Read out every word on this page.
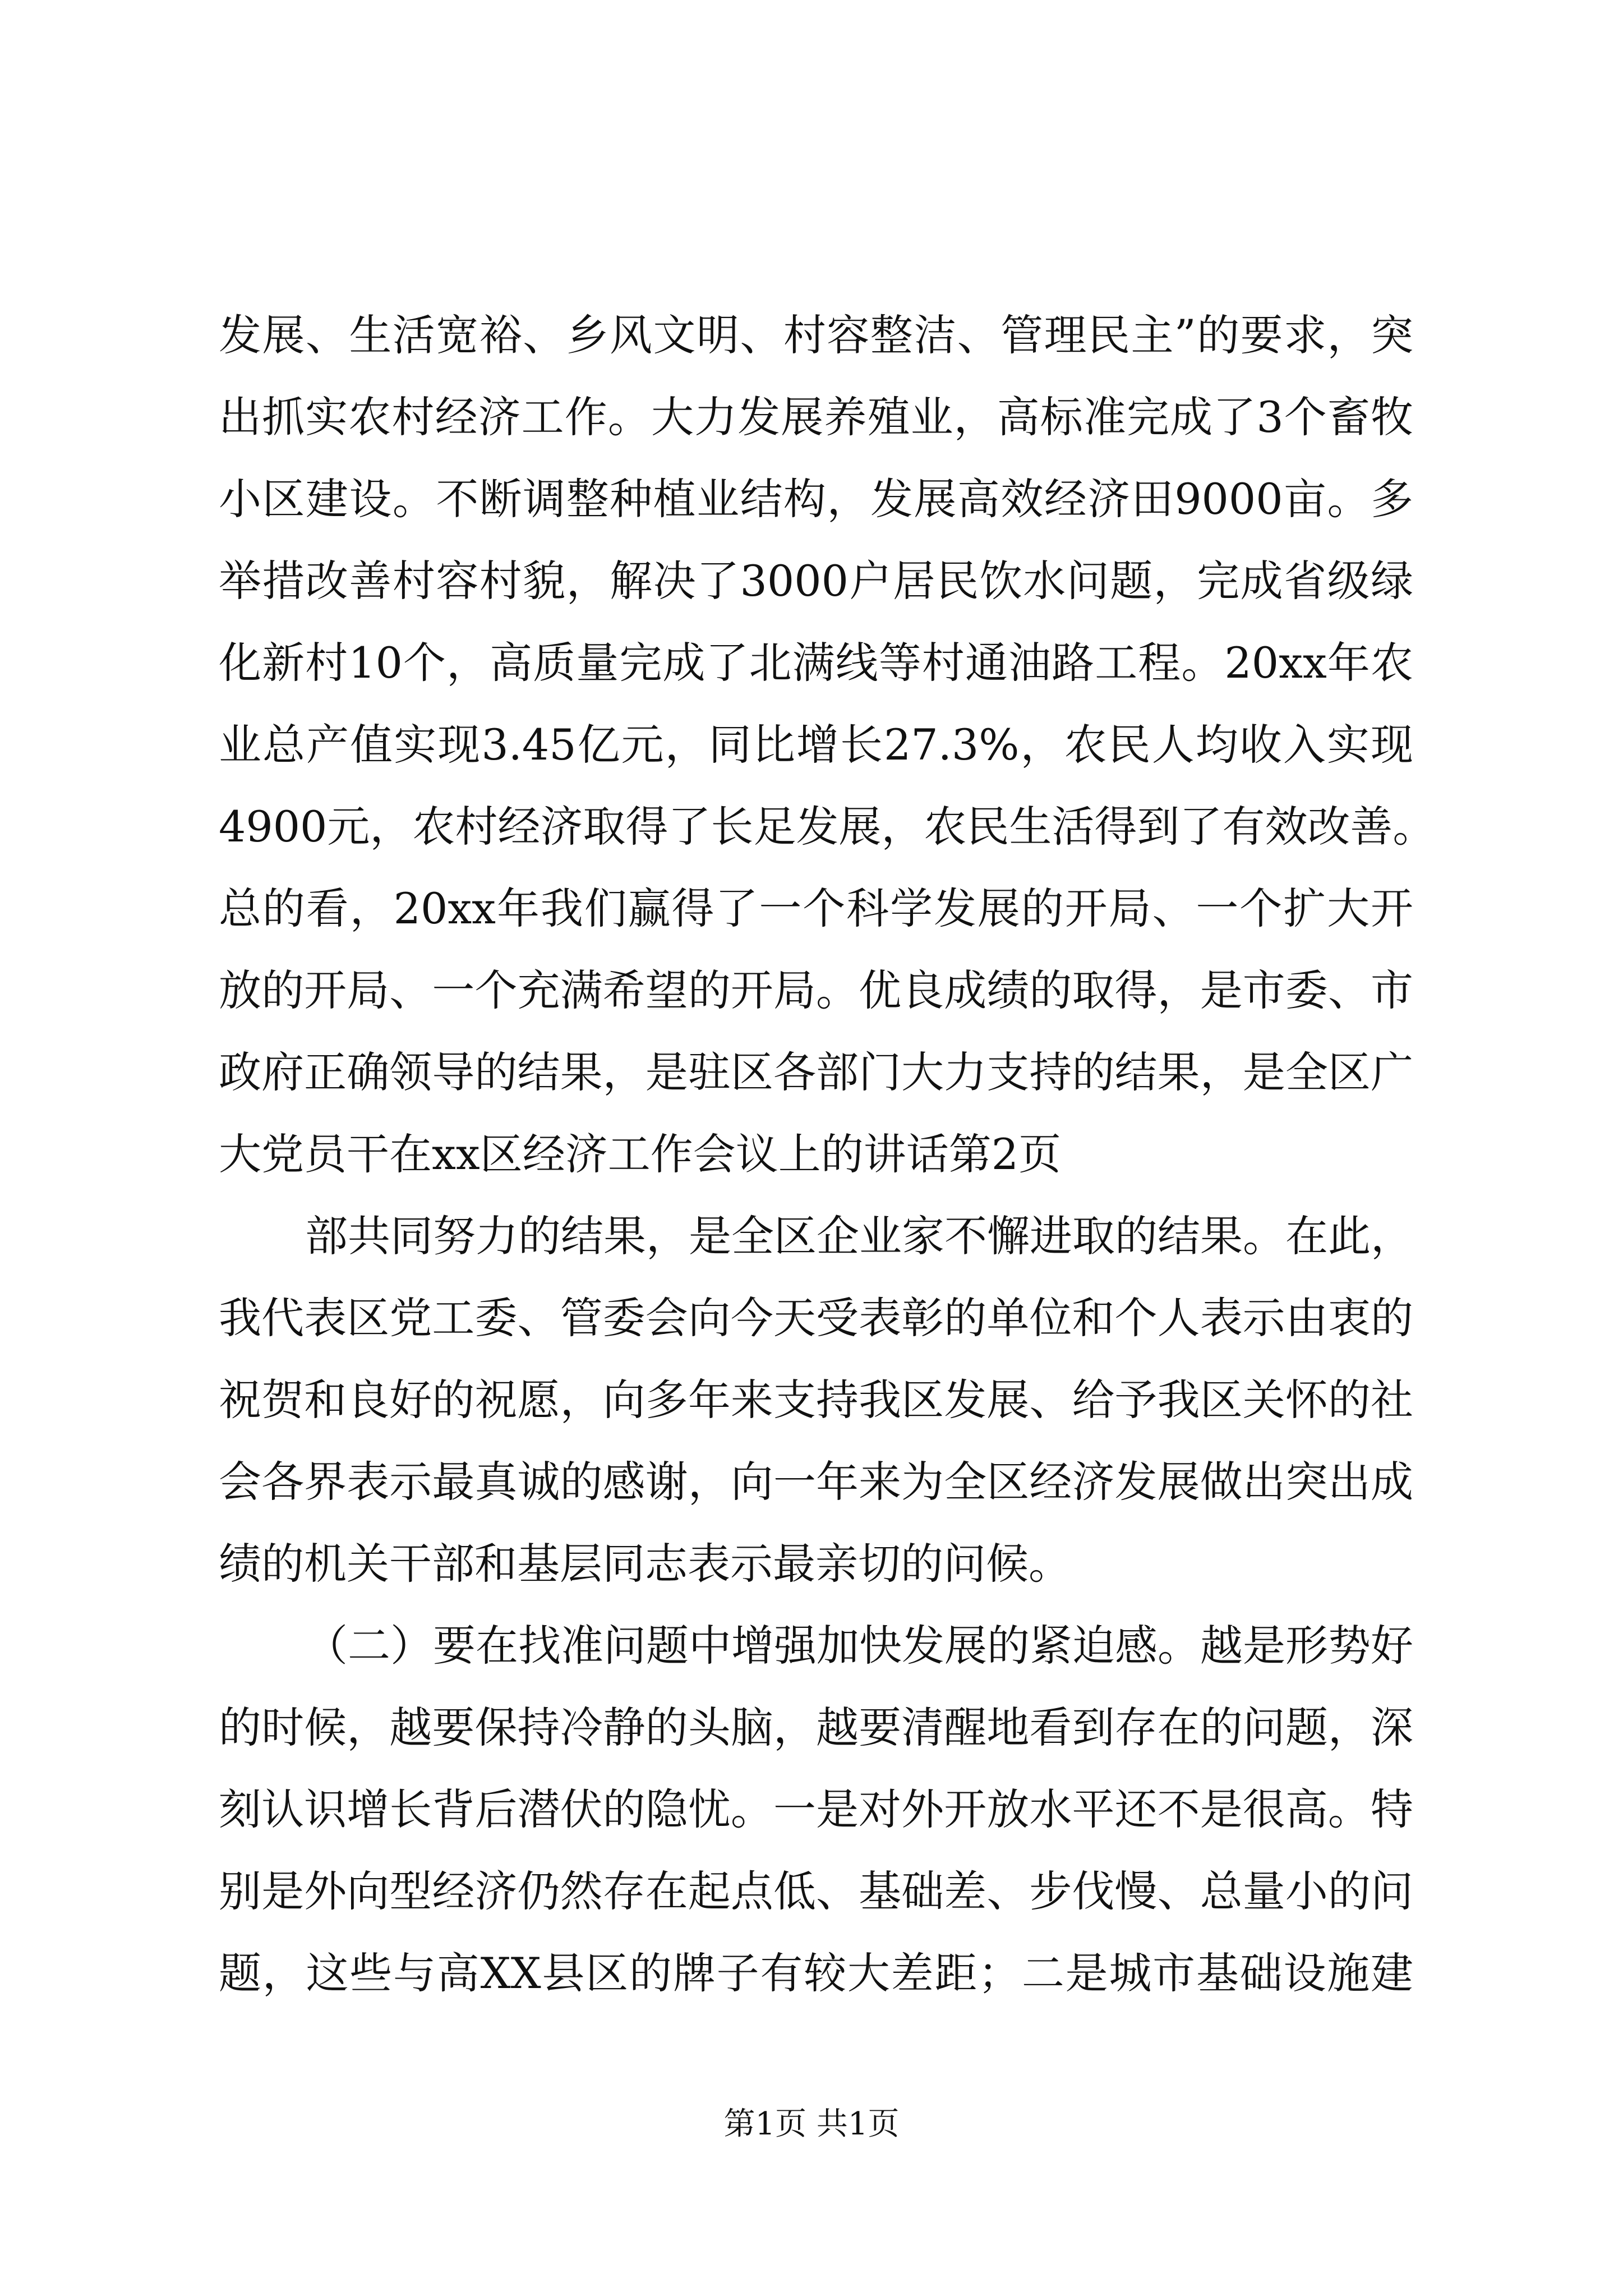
发展、生活宽裕、乡风文明、村容整洁、管理民主”的要求，突
出抓实农村经济工作。大力发展养殖业，高标准完成了3个畜牧
小区建设。不断调整种植业结构，发展高效经济田9000亩。多
举措改善村容村貌，解决了3000户居民饮水问题，完成省级绿
化新村10个，高质量完成了北满线等村通油路工程。20xx年农
业总产值实现3.45亿元，同比增长27.3%，农民人均收入实现
4900元，农村经济取得了长足发展，农民生活得到了有效改善。
总的看，20xx年我们赢得了一个科学发展的开局、一个扩大开
放的开局、一个充满希望的开局。优良成绩的取得，是市委、市
政府正确领导的结果，是驻区各部门大力支持的结果，是全区广
大党员干在xx区经济工作会议上的讲话第2页
部共同努力的结果，是全区企业家不懈进取的结果。在此，
我代表区党工委、管委会向今天受表彰的单位和个人表示由衷的
祝贺和良好的祝愿，向多年来支持我区发展、给予我区关怀的社
会各界表示最真诚的感谢，向一年来为全区经济发展做出突出成
绩的机关干部和基层同志表示最亲切的问候。
（二）要在找准问题中增强加快发展的紧迫感。越是形势好
的时候，越要保持冷静的头脑，越要清醒地看到存在的问题，深
刻认识增长背后潜伏的隐忧。一是对外开放水平还不是很高。特
别是外向型经济仍然存在起点低、基础差、步伐慢、总量小的问
题，这些与高XX县区的牌子有较大差距；二是城市基础设施建
第1页 共1页
